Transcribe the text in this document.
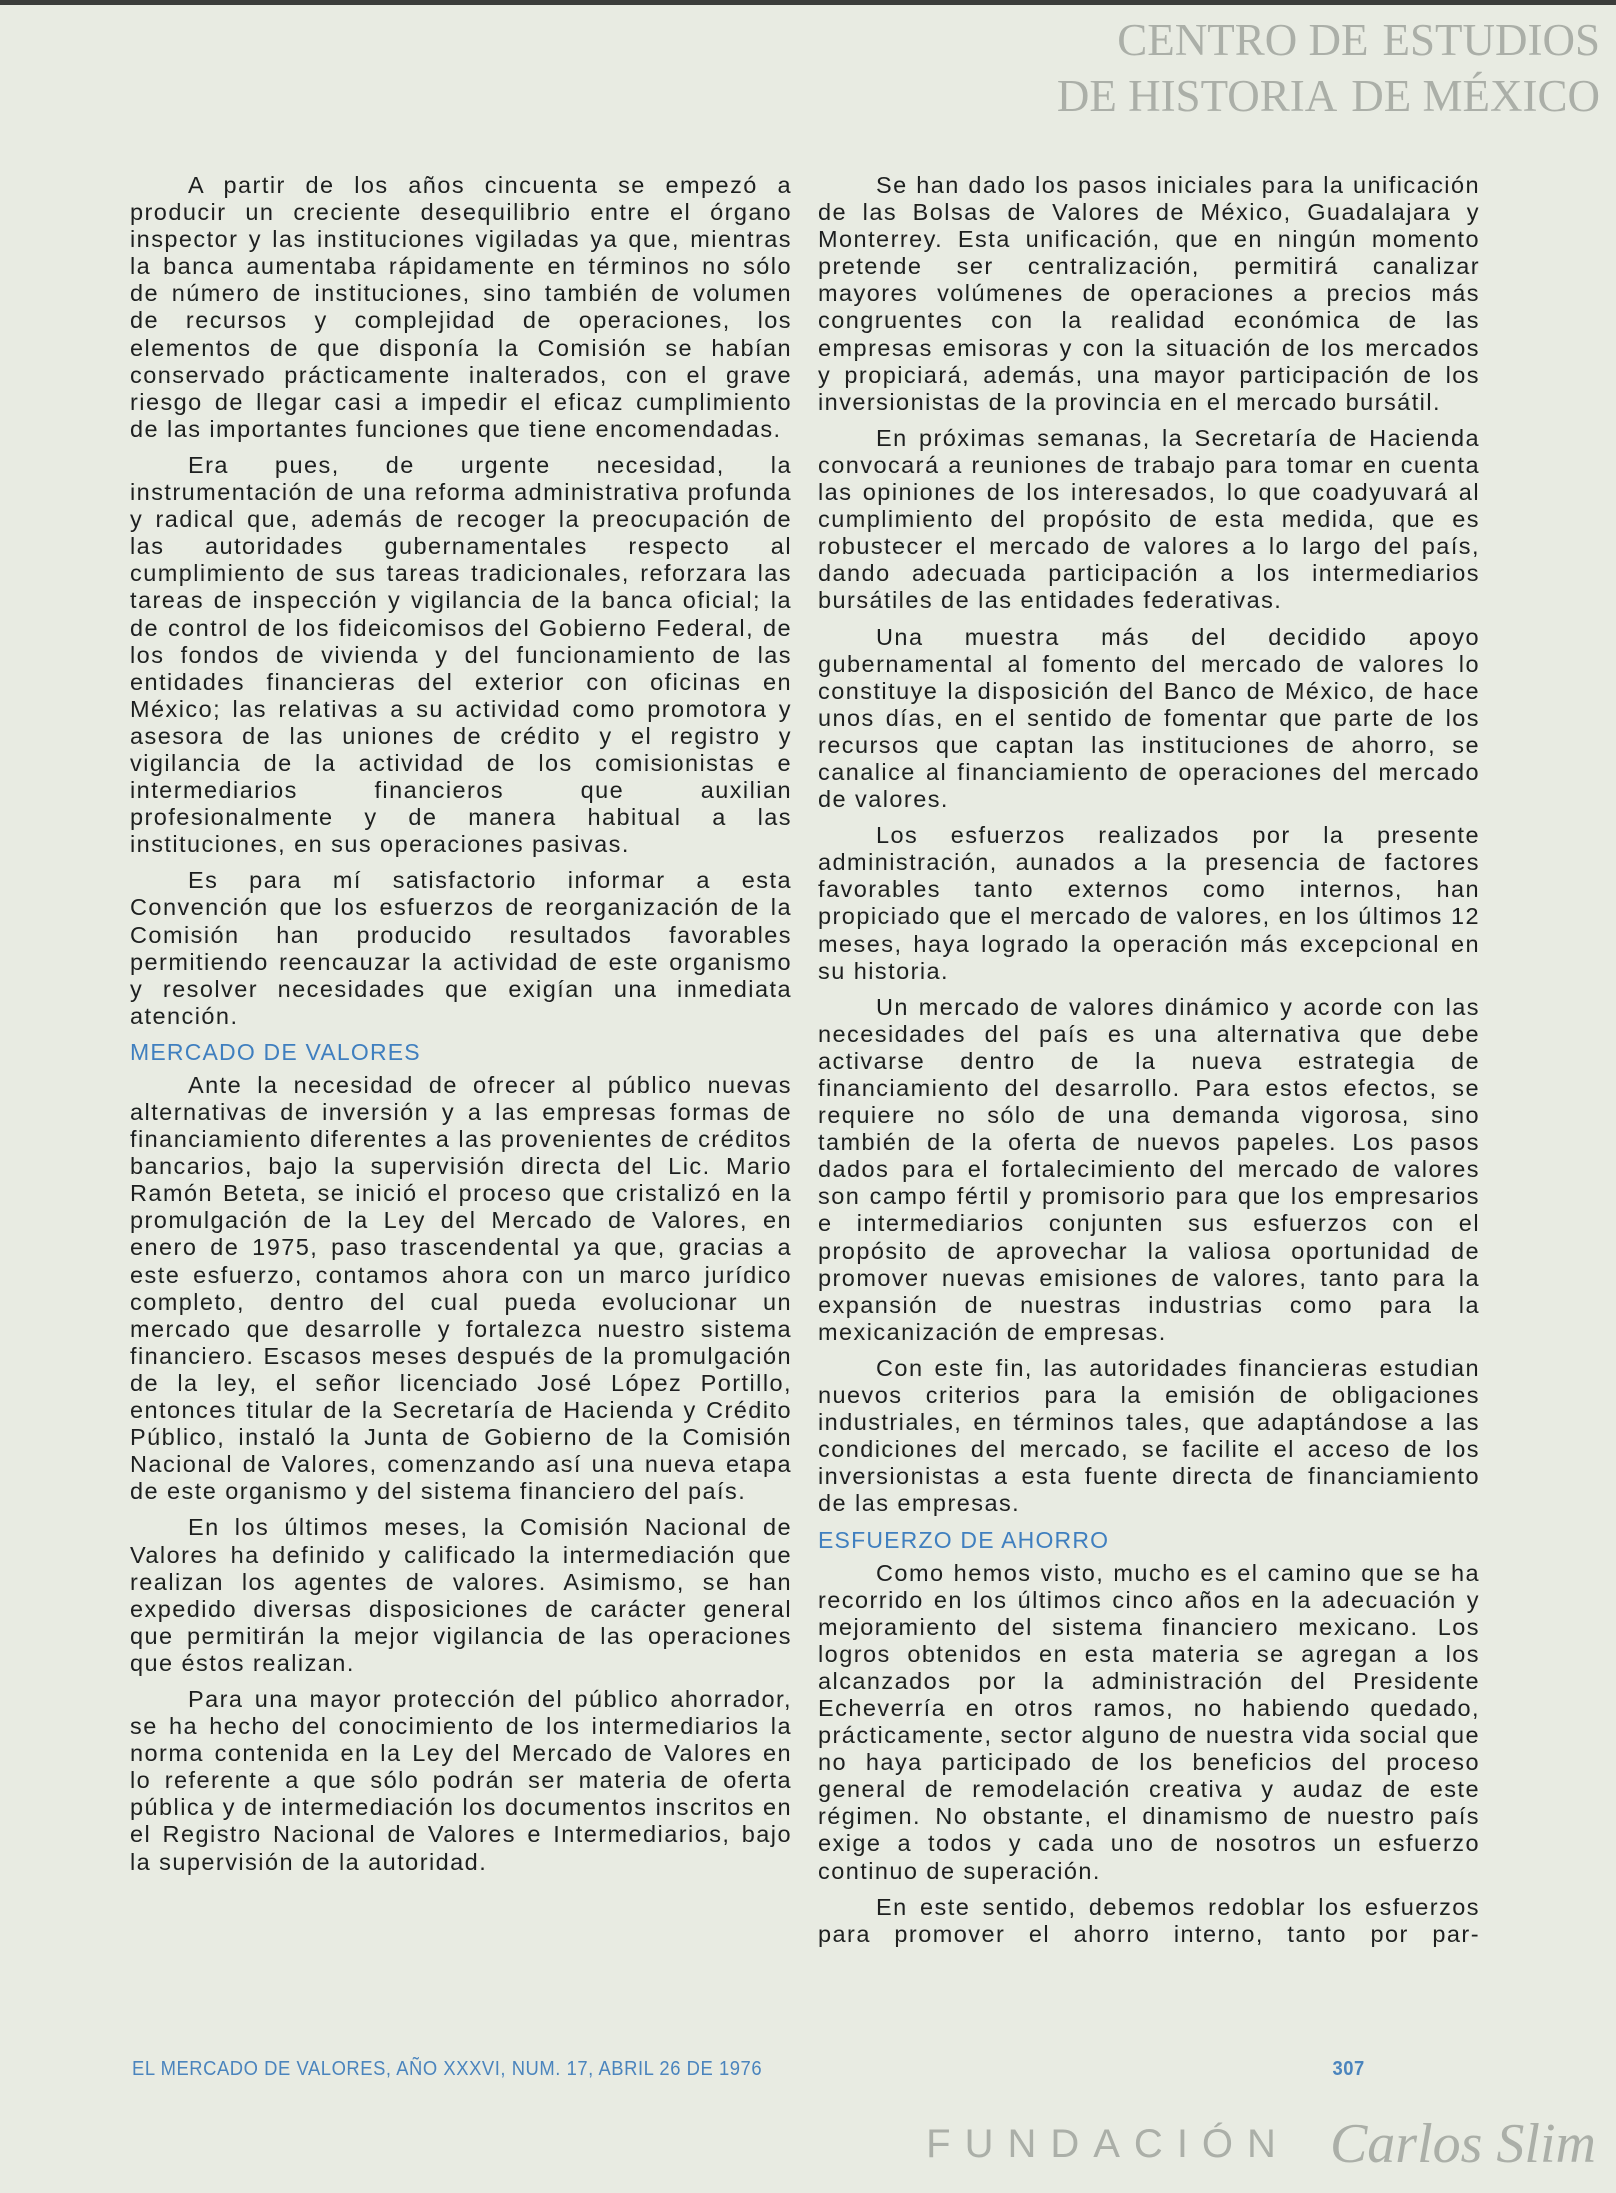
A partir de los años cincuenta se empezó a producir un creciente desequilibrio entre el órgano inspector y las instituciones vigiladas ya que, mientras la banca aumentaba rápidamente en términos no sólo de número de instituciones, sino también de volumen de recursos y complejidad de operaciones, los elementos de que disponía la Comisión se habían conservado prácticamente inalterados, con el grave riesgo de llegar casi a impedir el eficaz cumplimiento de las importantes funciones que tiene encomendadas.

Era pues, de urgente necesidad, la instrumentación de una reforma administrativa profunda y radical que, además de recoger la preocupación de las autoridades gubernamentales respecto al cumplimiento de sus tareas tradicionales, reforzara las tareas de inspección y vigilancia de la banca oficial; la de control de los fideicomisos del Gobierno Federal, de los fondos de vivienda y del funcionamiento de las entidades financieras del exterior con oficinas en México; las relativas a su actividad como promotora y asesora de las uniones de crédito y el registro y vigilancia de la actividad de los comisionistas e intermediarios financieros que auxilian profesionalmente y de manera habitual a las instituciones, en sus operaciones pasivas.

Es para mí satisfactorio informar a esta Convención que los esfuerzos de reorganización de la Comisión han producido resultados favorables permitiendo reencauzar la actividad de este organismo y resolver necesidades que exigían una inmediata atención.

MERCADO DE VALORES

Ante la necesidad de ofrecer al público nuevas alternativas de inversión y a las empresas formas de financiamiento diferentes a las provenientes de créditos bancarios, bajo la supervisión directa del Lic. Mario Ramón Beteta, se inició el proceso que cristalizó en la promulgación de la Ley del Mercado de Valores, en enero de 1975, paso trascendental ya que, gracias a este esfuerzo, contamos ahora con un marco jurídico completo, dentro del cual pueda evolucionar un mercado que desarrolle y fortalezca nuestro sistema financiero. Escasos meses después de la promulgación de la ley, el señor licenciado José López Portillo, entonces titular de la Secretaría de Hacienda y Crédito Público, instaló la Junta de Gobierno de la Comisión Nacional de Valores, comenzando así una nueva etapa de este organismo y del sistema financiero del país.

En los últimos meses, la Comisión Nacional de Valores ha definido y calificado la intermediación que realizan los agentes de valores. Asimismo, se han expedido diversas disposiciones de carácter general que permitirán la mejor vigilancia de las operaciones que éstos realizan.

Para una mayor protección del público ahorrador, se ha hecho del conocimiento de los intermediarios la norma contenida en la Ley del Mercado de Valores en lo referente a que sólo podrán ser materia de oferta pública y de intermediación los documentos inscritos en el Registro Nacional de Valores e Intermediarios, bajo la supervisión de la autoridad.

Se han dado los pasos iniciales para la unificación de las Bolsas de Valores de México, Guadalajara y Monterrey. Esta unificación, que en ningún momento pretende ser centralización, permitirá canalizar mayores volúmenes de operaciones a precios más congruentes con la realidad económica de las empresas emisoras y con la situación de los mercados y propiciará, además, una mayor participación de los inversionistas de la provincia en el mercado bursátil.

En próximas semanas, la Secretaría de Hacienda convocará a reuniones de trabajo para tomar en cuenta las opiniones de los interesados, lo que coadyuvará al cumplimiento del propósito de esta medida, que es robustecer el mercado de valores a lo largo del país, dando adecuada participación a los intermediarios bursátiles de las entidades federativas.

Una muestra más del decidido apoyo gubernamental al fomento del mercado de valores lo constituye la disposición del Banco de México, de hace unos días, en el sentido de fomentar que parte de los recursos que captan las instituciones de ahorro, se canalice al financiamiento de operaciones del mercado de valores.

Los esfuerzos realizados por la presente administración, aunados a la presencia de factores favorables tanto externos como internos, han propiciado que el mercado de valores, en los últimos 12 meses, haya logrado la operación más excepcional en su historia.

Un mercado de valores dinámico y acorde con las necesidades del país es una alternativa que debe activarse dentro de la nueva estrategia de financiamiento del desarrollo. Para estos efectos, se requiere no sólo de una demanda vigorosa, sino también de la oferta de nuevos papeles. Los pasos dados para el fortalecimiento del mercado de valores son campo fértil y promisorio para que los empresarios e intermediarios conjunten sus esfuerzos con el propósito de aprovechar la valiosa oportunidad de promover nuevas emisiones de valores, tanto para la expansión de nuestras industrias como para la mexicanización de empresas.

Con este fin, las autoridades financieras estudian nuevos criterios para la emisión de obligaciones industriales, en términos tales, que adaptándose a las condiciones del mercado, se facilite el acceso de los inversionistas a esta fuente directa de financiamiento de las empresas.

ESFUERZO DE AHORRO

Como hemos visto, mucho es el camino que se ha recorrido en los últimos cinco años en la adecuación y mejoramiento del sistema financiero mexicano. Los logros obtenidos en esta materia se agregan a los alcanzados por la administración del Presidente Echeverría en otros ramos, no habiendo quedado, prácticamente, sector alguno de nuestra vida social que no haya participado de los beneficios del proceso general de remodelación creativa y audaz de este régimen. No obstante, el dinamismo de nuestro país exige a todos y cada uno de nosotros un esfuerzo continuo de superación.

En este sentido, debemos redoblar los esfuerzos para promover el ahorro interno, tanto por par-

EL MERCADO DE VALORES, AÑO XXXVI, NUM. 17, ABRIL 26 DE 1976	307
CENTRO DE ESTUDIOS
DE HISTORIA DE MÉXICO
FUNDACIÓN Carlos Slim
